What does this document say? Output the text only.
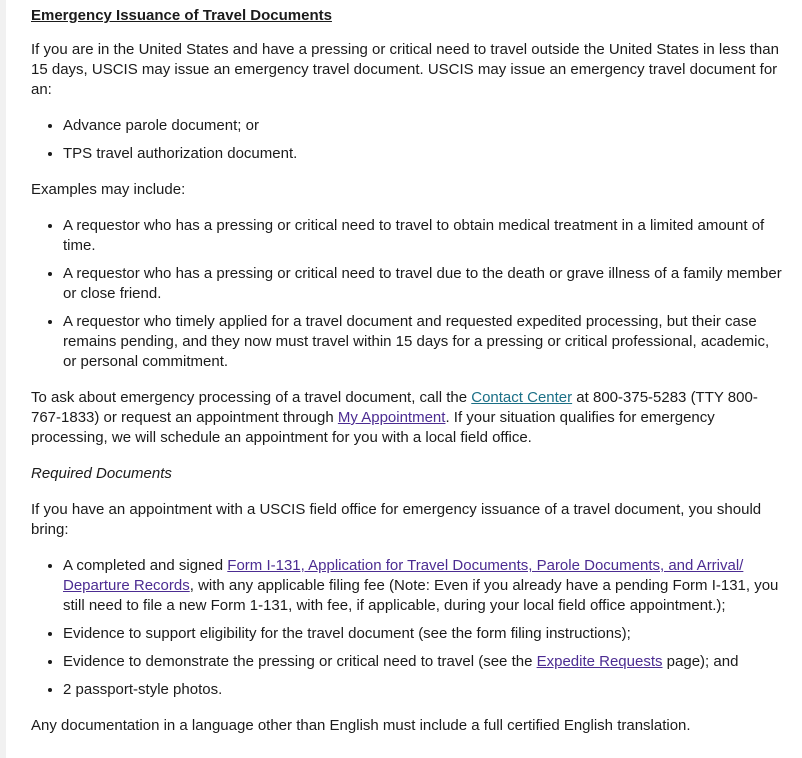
Emergency Issuance of Travel Documents

If you are in the United States and have a pressing or critical need to travel outside the United States in less than 15 days, USCIS may issue an emergency travel document. USCIS may issue an emergency travel document for an:

• Advance parole document; or
• TPS travel authorization document.

Examples may include:

• A requestor who has a pressing or critical need to travel to obtain medical treatment in a limited amount of time.
• A requestor who has a pressing or critical need to travel due to the death or grave illness of a family member or close friend.
• A requestor who timely applied for a travel document and requested expedited processing, but their case remains pending, and they now must travel within 15 days for a pressing or critical professional, academic, or personal commitment.

To ask about emergency processing of a travel document, call the Contact Center at 800-375-5283 (TTY 800-767-1833) or request an appointment through My Appointment. If your situation qualifies for emergency processing, we will schedule an appointment for you with a local field office.

Required Documents

If you have an appointment with a USCIS field office for emergency issuance of a travel document, you should bring:

• A completed and signed Form I-131, Application for Travel Documents, Parole Documents, and Arrival/ Departure Records, with any applicable filing fee (Note: Even if you already have a pending Form I-131, you still need to file a new Form 1-131, with fee, if applicable, during your local field office appointment.);
• Evidence to support eligibility for the travel document (see the form filing instructions);
• Evidence to demonstrate the pressing or critical need to travel (see the Expedite Requests page); and
• 2 passport-style photos.

Any documentation in a language other than English must include a full certified English translation.
